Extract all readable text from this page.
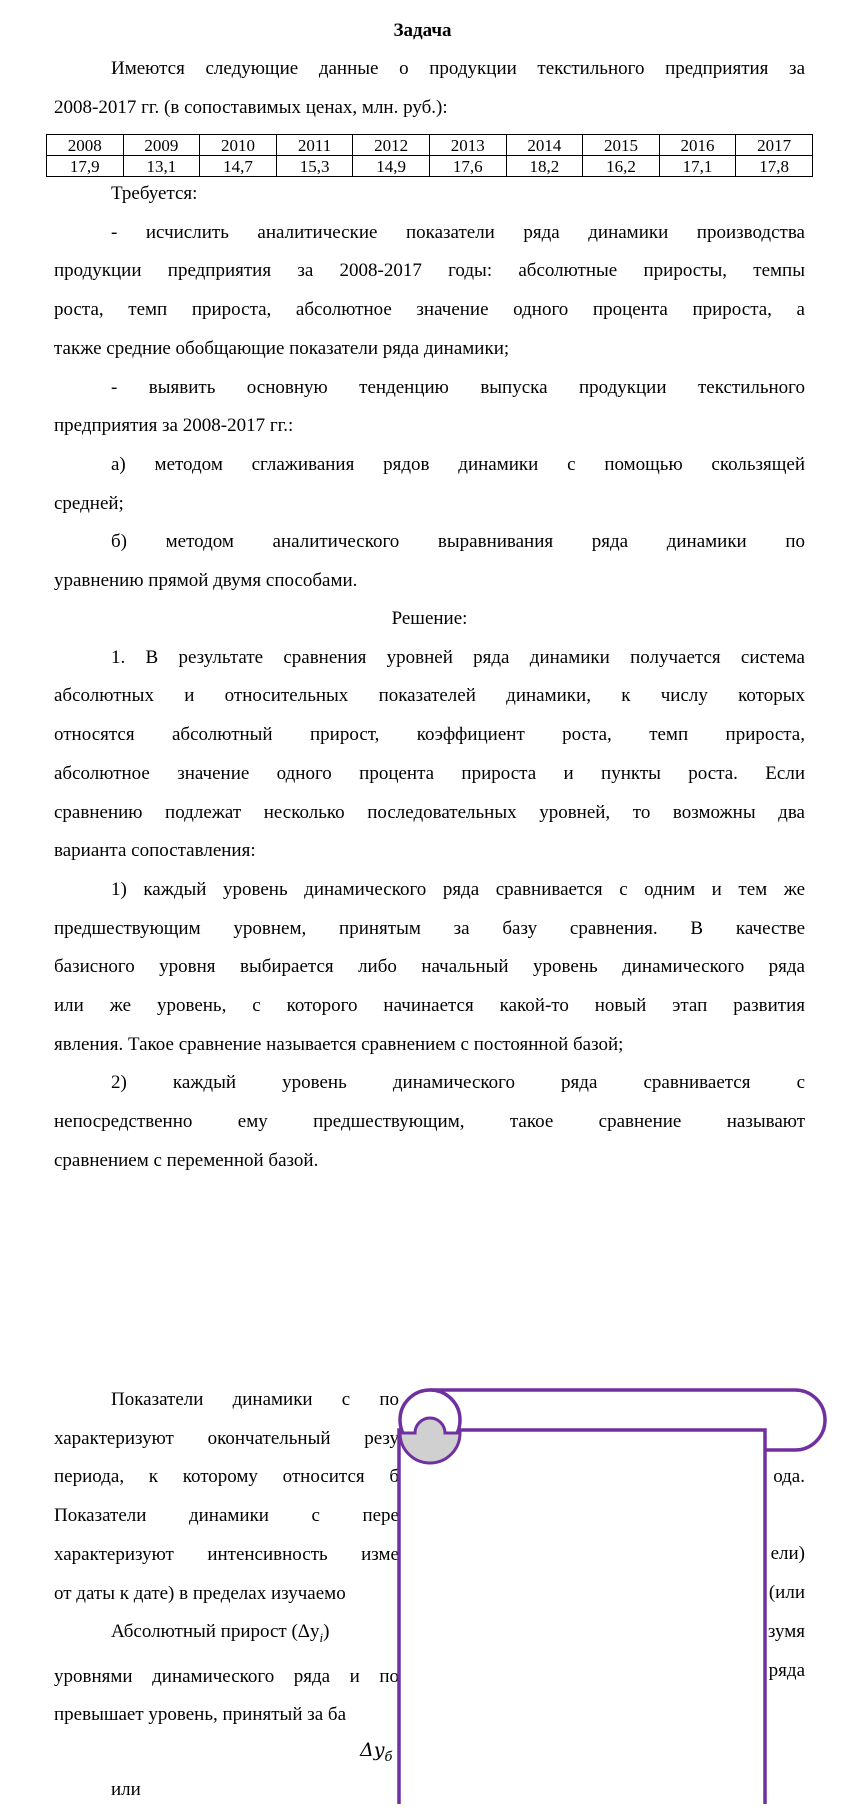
Задача
Имеются следующие данные о продукции текстильного предприятия за
2008-2017 гг. (в сопоставимых ценах, млн. руб.):
2008	2009	2010	2011	2012	2013	2014	2015	2016	2017
17,9	13,1	14,7	15,3	14,9	17,6	18,2	16,2	17,1	17,8
Требуется:
- исчислить аналитические показатели ряда динамики производства
продукции предприятия за 2008-2017 годы: абсолютные приросты, темпы
роста, темп прироста, абсолютное значение одного процента прироста, а
также средние обобщающие показатели ряда динамики;
- выявить основную тенденцию выпуска продукции текстильного
предприятия за 2008-2017 гг.:
а) методом сглаживания рядов динамики с помощью скользящей
средней;
б) методом аналитического выравнивания ряда динамики по
уравнению прямой двумя способами.
Решение:
1. В результате сравнения уровней ряда динамики получается система
абсолютных и относительных показателей динамики, к числу которых
относятся абсолютный прирост, коэффициент роста, темп прироста,
абсолютное значение одного процента прироста и пункты роста. Если
сравнению подлежат несколько последовательных уровней, то возможны два
варианта сопоставления:
1) каждый уровень динамического ряда сравнивается с одним и тем же
предшествующим уровнем, принятым за базу сравнения. В качестве
базисного уровня выбирается либо начальный уровень динамического ряда
или же уровень, с которого начинается какой-то новый этап развития
явления. Такое сравнение называется сравнением с постоянной базой;
2) каждый уровень динамического ряда сравнивается с
непосредственно ему предшествующим, такое сравнение называют
сравнением с переменной базой.
Показатели динамики с по
характеризуют окончательный резу
периода, к которому относится б
Показатели динамики с пере
характеризуют интенсивность изме
от даты к дате) в пределах изучаемо
Абсолютный прирост $(\Delta y_i)$
уровнями динамического ряда и по
превышает уровень, принятый за ба
ода.
ели)
(или
зумя
ряда
$\Delta y_б$
или
